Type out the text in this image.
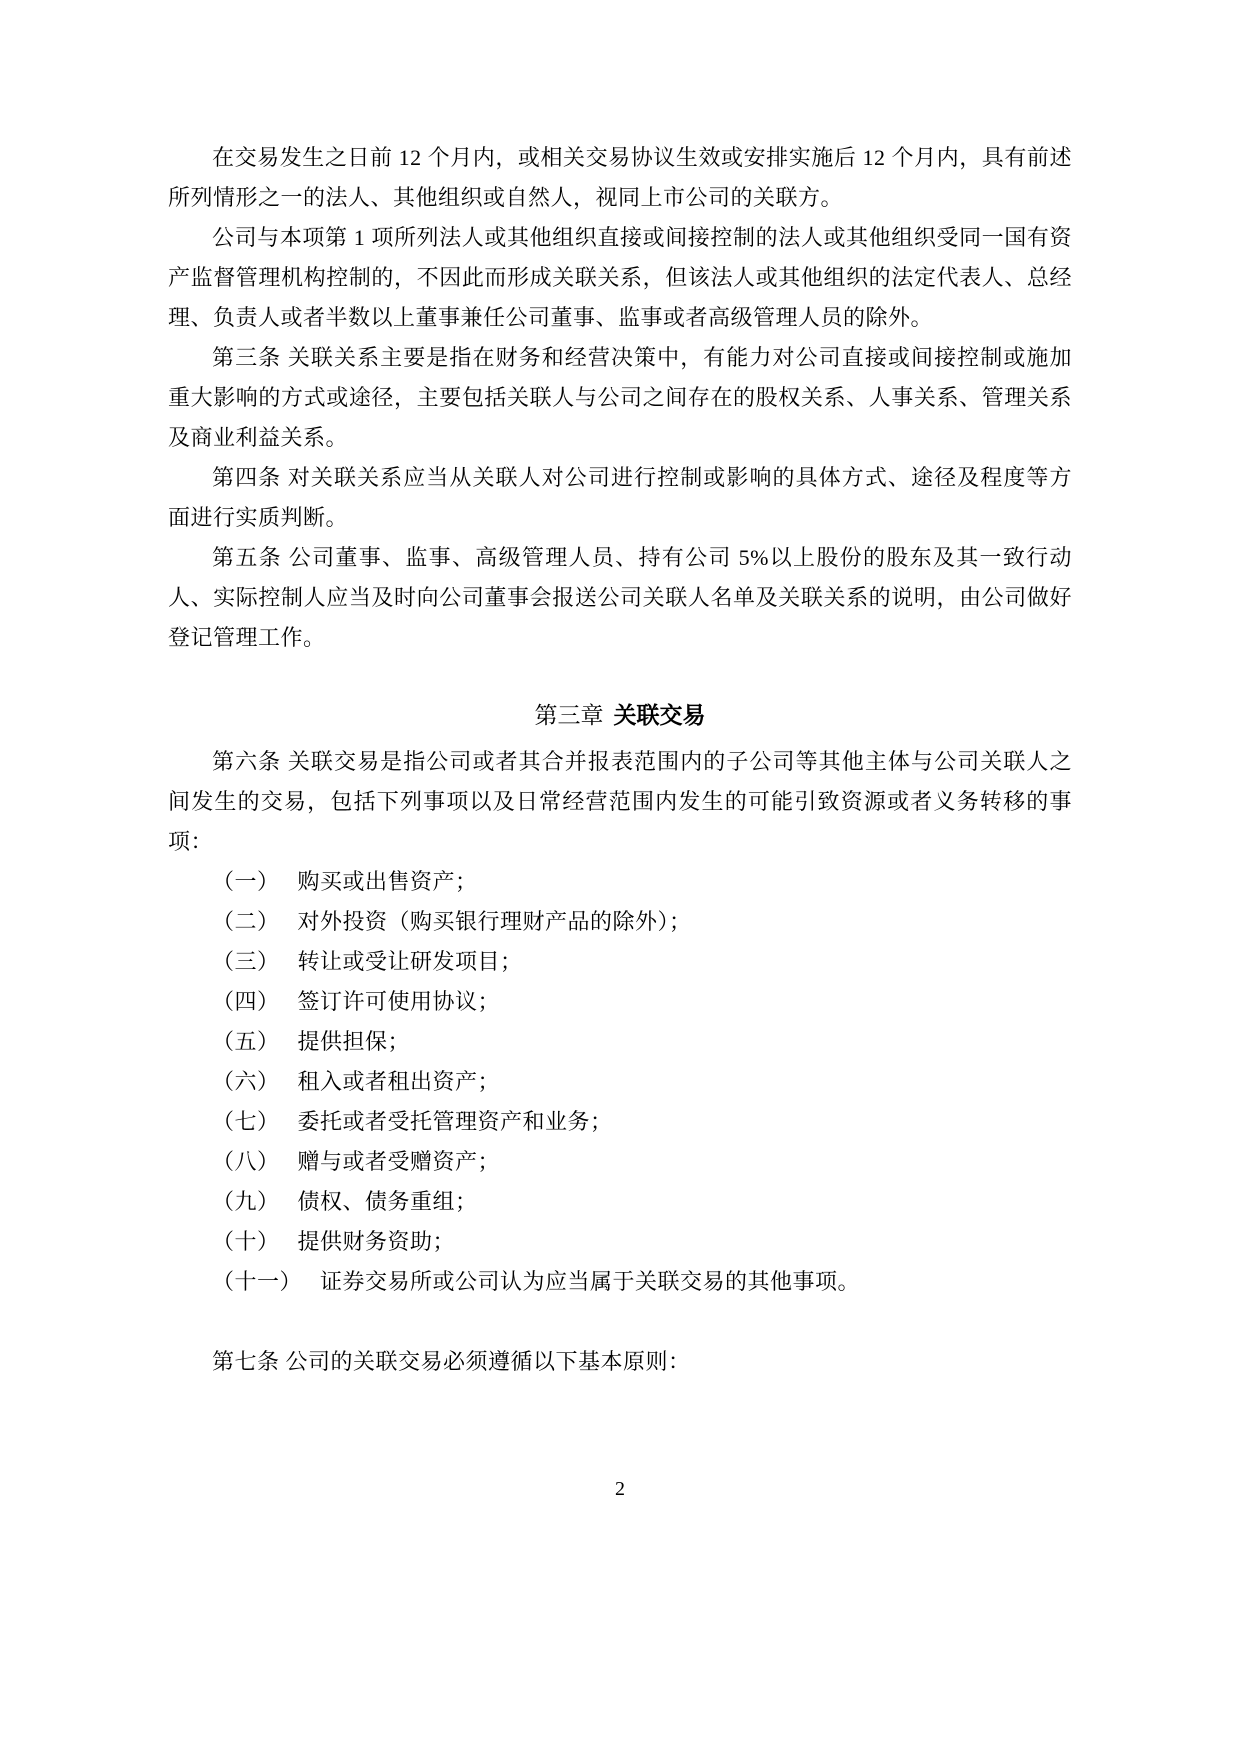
在交易发生之日前 12 个月内，或相关交易协议生效或安排实施后 12 个月内，具有前述所列情形之一的法人、其他组织或自然人，视同上市公司的关联方。

公司与本项第 1 项所列法人或其他组织直接或间接控制的法人或其他组织受同一国有资产监督管理机构控制的，不因此而形成关联关系，但该法人或其他组织的法定代表人、总经理、负责人或者半数以上董事兼任公司董事、监事或者高级管理人员的除外。

第三条 关联关系主要是指在财务和经营决策中，有能力对公司直接或间接控制或施加重大影响的方式或途径，主要包括关联人与公司之间存在的股权关系、人事关系、管理关系及商业利益关系。

第四条 对关联关系应当从关联人对公司进行控制或影响的具体方式、途径及程度等方面进行实质判断。

第五条 公司董事、监事、高级管理人员、持有公司 5%以上股份的股东及其一致行动人、实际控制人应当及时向公司董事会报送公司关联人名单及关联关系的说明，由公司做好登记管理工作。

第三章 关联交易

第六条 关联交易是指公司或者其合并报表范围内的子公司等其他主体与公司关联人之间发生的交易，包括下列事项以及日常经营范围内发生的可能引致资源或者义务转移的事项：

（一） 购买或出售资产；
（二） 对外投资（购买银行理财产品的除外）；
（三） 转让或受让研发项目；
（四） 签订许可使用协议；
（五） 提供担保；
（六） 租入或者租出资产；
（七） 委托或者受托管理资产和业务；
（八） 赠与或者受赠资产；
（九） 债权、债务重组；
（十） 提供财务资助；
（十一） 证券交易所或公司认为应当属于关联交易的其他事项。

第七条 公司的关联交易必须遵循以下基本原则：

2
